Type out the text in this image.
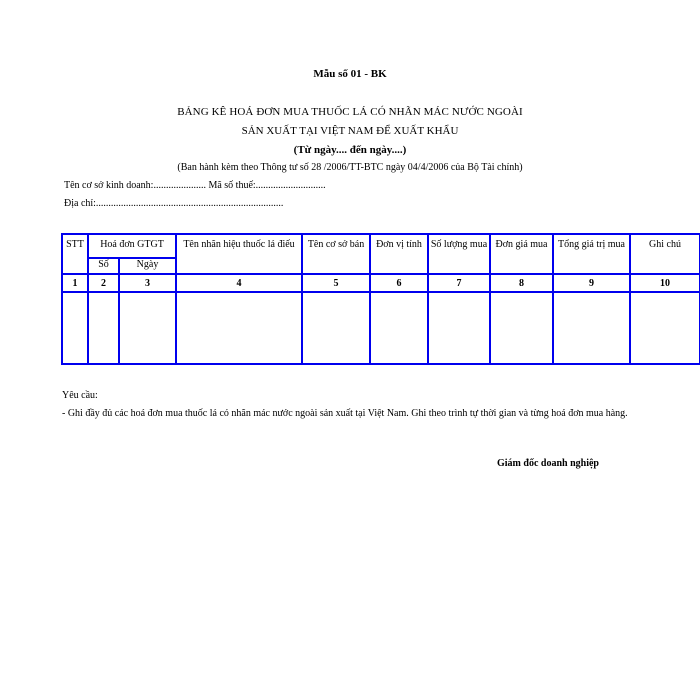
Mẫu số 01 - BK
BẢNG KÊ HOÁ ĐƠN MUA THUỐC LÁ CÓ NHÃN MÁC NƯỚC NGOÀI
SẢN XUẤT TẠI VIỆT NAM ĐỂ XUẤT KHẨU
(Từ ngày.... đến ngày....)
(Ban hành kèm theo Thông tư số 28 /2006/TT-BTC ngày 04/4/2006 của Bộ Tài chính)
Tên cơ sở kinh doanh:..................... Mã số thuế:............................
Địa chỉ:...........................................................................
STT	Hoá đơn GTGT		Tên nhãn hiệu thuốc lá điếu	Tên cơ sở bán	Đơn vị tính	Số lượng mua	Đơn giá mua	Tổng giá trị mua	Ghi chú
	Số	Ngày							
1	2	3	4	5	6	7	8	9	10

Yêu cầu:
- Ghi đầy đủ các hoá đơn mua thuốc lá có nhãn mác nước ngoài sản xuất tại Việt Nam. Ghi theo trình tự thời gian và từng hoá đơn mua hàng.
Giám đốc doanh nghiệp
